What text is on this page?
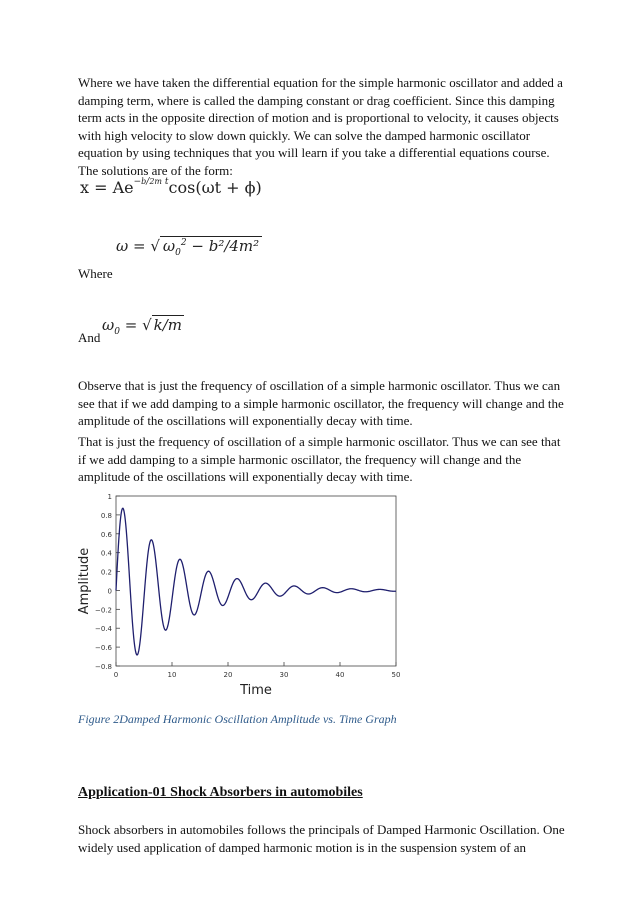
Where we have taken the differential equation for the simple harmonic oscillator and added a damping term, where is called the damping constant or drag coefficient. Since this damping term acts in the opposite direction of motion and is proportional to velocity, it causes objects with high velocity to slow down quickly. We can solve the damped harmonic oscillator equation by using techniques that you will learn if you take a differential equations course. The solutions are of the form:

$x = Ae^{-b/2m t}\cos(\omega t + \phi)$
Where
ω = √ $\omega_0^2 - b^2/4m^2$
And
$\omega_0$ = √ k/m

Observe that is just the frequency of oscillation of a simple harmonic oscillator. Thus we can see that if we add damping to a simple harmonic oscillator, the frequency will change and the amplitude of the oscillations will exponentially decay with time.

That is just the frequency of oscillation of a simple harmonic oscillator. Thus we can see that if we add damping to a simple harmonic oscillator, the frequency will change and the amplitude of the oscillations will exponentially decay with time.

1
0.8
0.6
0.4
0.2
0
−0.2
−0.4
−0.6
−0.8
0	10	20	30	40	50
Time
Amplitude
Figure 2Damped Harmonic Oscillation Amplitude vs. Time Graph
Application-01 Shock Absorbers in automobiles

Shock absorbers in automobiles follows the principals of Damped Harmonic Oscillation. One widely used application of damped harmonic motion is in the suspension system of an
